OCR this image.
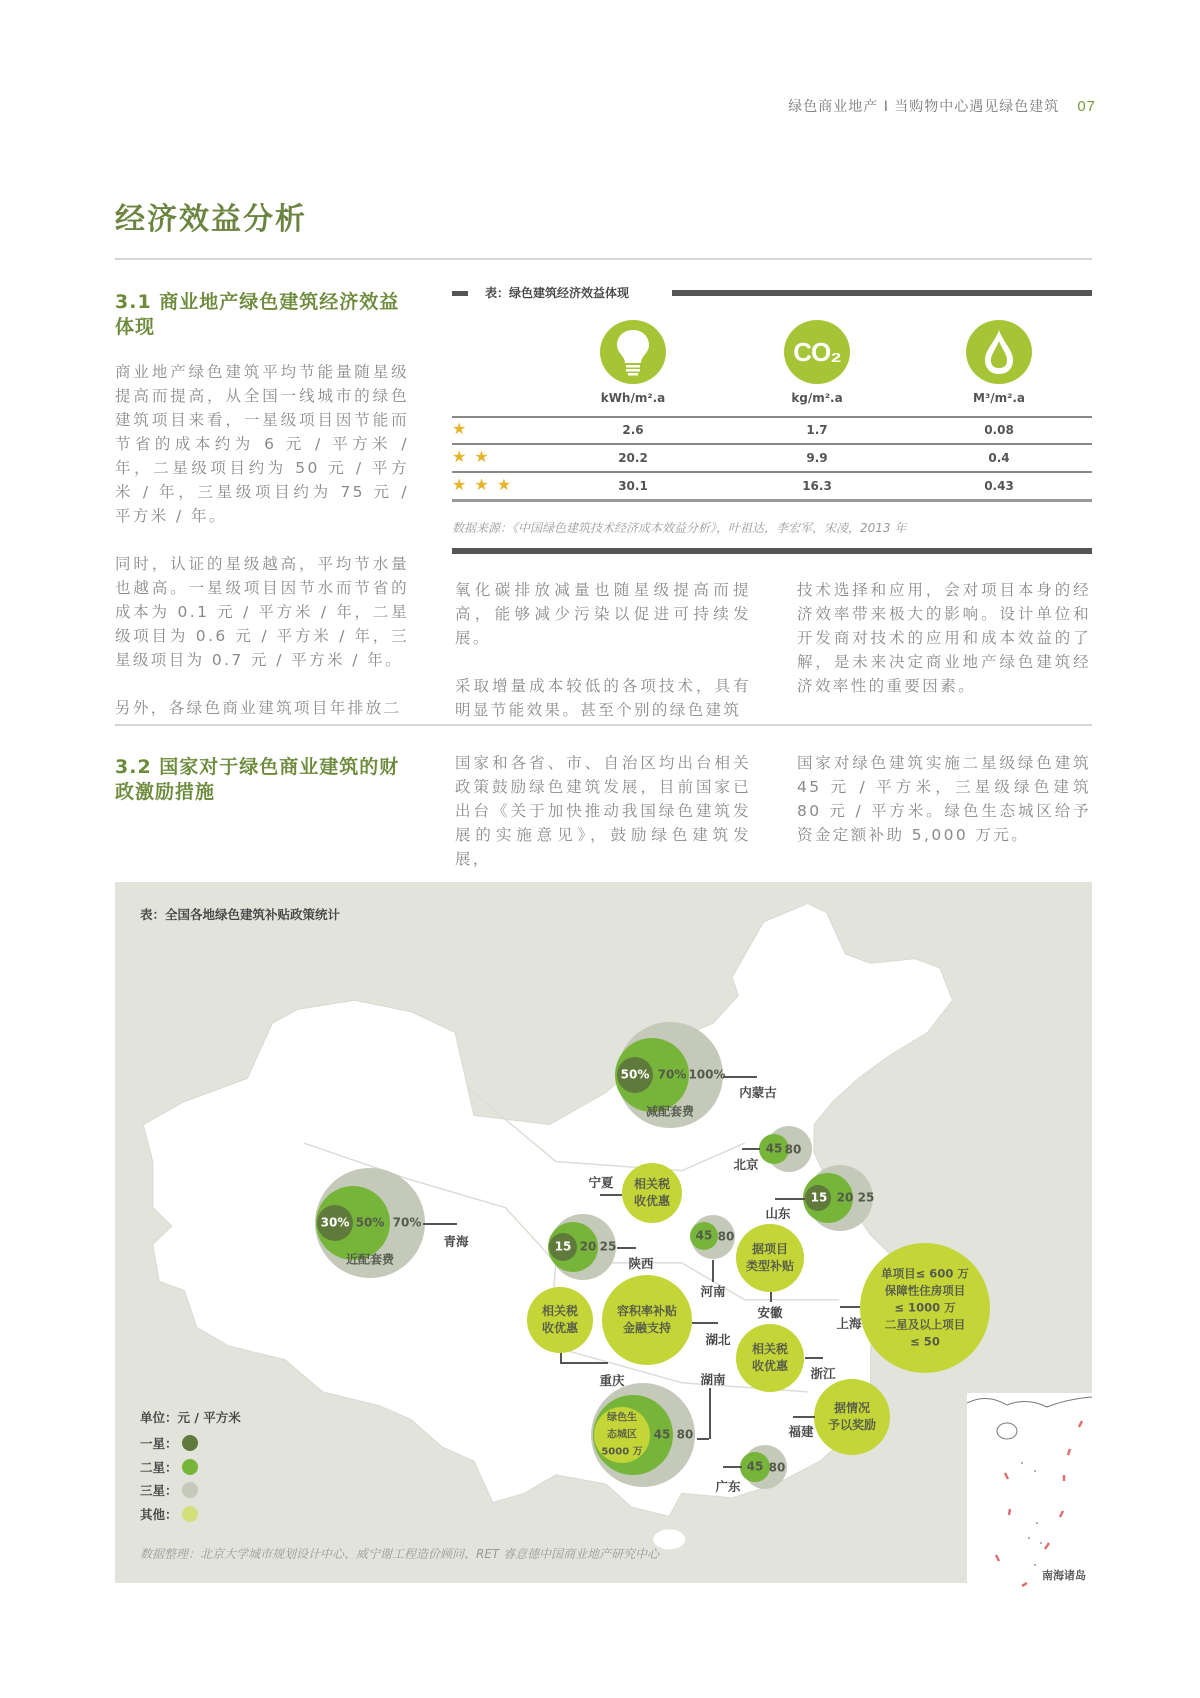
绿色商业地产 I 当购物中心遇见绿色建筑 07
经济效益分析
3.1 商业地产绿色建筑经济效益体现

商业地产绿色建筑平均节能量随星级提高而提高，从全国一线城市的绿色建筑项目来看，一星级项目因节能而节省的成本约为 6 元 / 平方米 / 年，二星级项目约为 50 元 / 平方米 / 年，三星级项目约为 75 元 / 平方米 / 年。

同时，认证的星级越高，平均节水量也越高。一星级项目因节水而节省的成本为 0.1 元 / 平方米 / 年，二星级项目为 0.6 元 / 平方米 / 年，三星级项目为 0.7 元 / 平方米 / 年。

另外，各绿色商业建筑项目年排放二

氧化碳排放减量也随星级提高而提高，能够减少污染以促进可持续发展。

采取增量成本较低的各项技术，具有明显节能效果。甚至个别的绿色建筑

技术选择和应用，会对项目本身的经济效率带来极大的影响。设计单位和开发商对技术的应用和成本效益的了解，是未来决定商业地产绿色建筑经济效率性的重要因素。

表：绿色建筑经济效益体现
CO₂
kWh/m².a	kg/m².a	M³/m².a
★	2.6	1.7	0.08
★★	20.2	9.9	0.4
★★★	30.1	16.3	0.43
数据来源：《中国绿色建筑技术经济成本效益分析》，叶祖达，李宏军，宋凌，2013 年
3.2 国家对于绿色商业建筑的财政激励措施

国家和各省、市、自治区均出台相关政策鼓励绿色建筑发展，目前国家已出台《关于加快推动我国绿色建筑发展的实施意见》，鼓励绿色建筑发展，

国家对绿色建筑实施二星级绿色建筑 45 元 / 平方米，三星级绿色建筑 80 元 / 平方米。绿色生态城区给予资金定额补助 5,000 万元。

南海诸岛
表：全国各地绿色建筑补贴政策统计
50% 70% 100%
减配套费
内蒙古
45 80
北京
15 20 25
山东
相关税
收优惠
宁夏
30% 50% 70%
近配套费
青海	15 20 25
陕西
相关税
收优惠
容积率补贴
金融支持
重庆
湖北
45 80
河南
据项目
类型补贴
安徽
相关税
收优惠 浙江
单项目≤ 600 万
保障性住房项目
≤ 1000 万
二星及以上项目
≤ 50
上海
绿色生
态城区
5000 万
45 80
湖南
据情况
予以奖励
福建
45 80
广东
单位：元 / 平方米
一星：
二星：
三星：
其他：
数据整理：北京大学城市规划设计中心、威宁谢工程造价顾问、RET 睿意德中国商业地产研究中心
